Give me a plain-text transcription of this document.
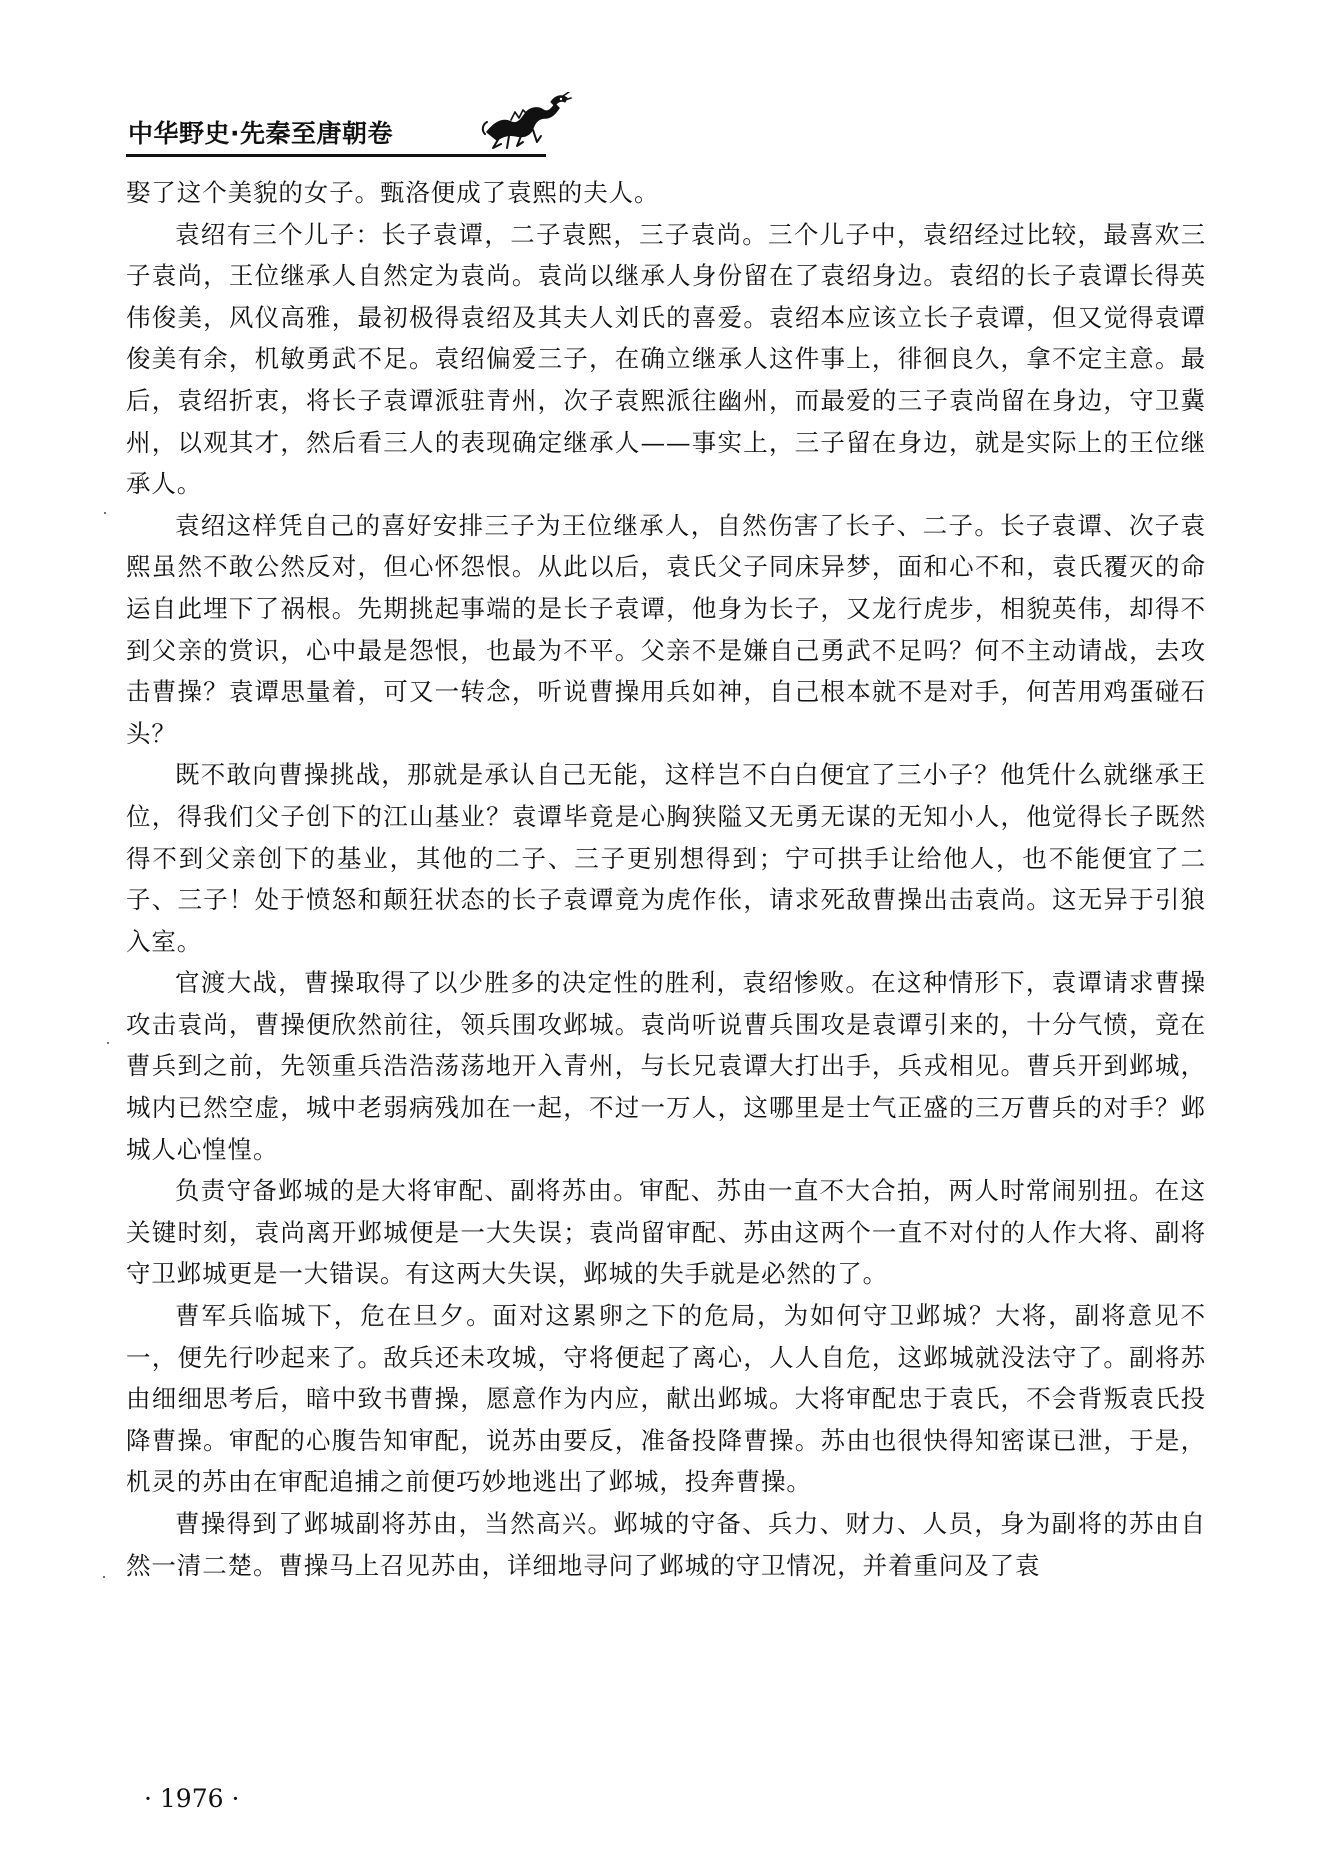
中华野史·先秦至唐朝卷

娶了这个美貌的女子。甄洛便成了袁熙的夫人。

袁绍有三个儿子：长子袁谭，二子袁熙，三子袁尚。三个儿子中，袁绍经过比较，最喜欢三子袁尚，王位继承人自然定为袁尚。袁尚以继承人身份留在了袁绍身边。袁绍的长子袁谭长得英伟俊美，风仪高雅，最初极得袁绍及其夫人刘氏的喜爱。袁绍本应该立长子袁谭，但又觉得袁谭俊美有余，机敏勇武不足。袁绍偏爱三子，在确立继承人这件事上，徘徊良久，拿不定主意。最后，袁绍折衷，将长子袁谭派驻青州，次子袁熙派往幽州，而最爱的三子袁尚留在身边，守卫冀州，以观其才，然后看三人的表现确定继承人——事实上，三子留在身边，就是实际上的王位继承人。

袁绍这样凭自己的喜好安排三子为王位继承人，自然伤害了长子、二子。长子袁谭、次子袁熙虽然不敢公然反对，但心怀怨恨。从此以后，袁氏父子同床异梦，面和心不和，袁氏覆灭的命运自此埋下了祸根。先期挑起事端的是长子袁谭，他身为长子，又龙行虎步，相貌英伟，却得不到父亲的赏识，心中最是怨恨，也最为不平。父亲不是嫌自己勇武不足吗？何不主动请战，去攻击曹操？袁谭思量着，可又一转念，听说曹操用兵如神，自己根本就不是对手，何苦用鸡蛋碰石头？

既不敢向曹操挑战，那就是承认自己无能，这样岂不白白便宜了三小子？他凭什么就继承王位，得我们父子创下的江山基业？袁谭毕竟是心胸狭隘又无勇无谋的无知小人，他觉得长子既然得不到父亲创下的基业，其他的二子、三子更别想得到；宁可拱手让给他人，也不能便宜了二子、三子！处于愤怒和颠狂状态的长子袁谭竟为虎作伥，请求死敌曹操出击袁尚。这无异于引狼入室。

官渡大战，曹操取得了以少胜多的决定性的胜利，袁绍惨败。在这种情形下，袁谭请求曹操攻击袁尚，曹操便欣然前往，领兵围攻邺城。袁尚听说曹兵围攻是袁谭引来的，十分气愤，竟在曹兵到之前，先领重兵浩浩荡荡地开入青州，与长兄袁谭大打出手，兵戎相见。曹兵开到邺城，城内已然空虚，城中老弱病残加在一起，不过一万人，这哪里是士气正盛的三万曹兵的对手？邺城人心惶惶。

负责守备邺城的是大将审配、副将苏由。审配、苏由一直不大合拍，两人时常闹别扭。在这关键时刻，袁尚离开邺城便是一大失误；袁尚留审配、苏由这两个一直不对付的人作大将、副将守卫邺城更是一大错误。有这两大失误，邺城的失手就是必然的了。

曹军兵临城下，危在旦夕。面对这累卵之下的危局，为如何守卫邺城？大将，副将意见不一，便先行吵起来了。敌兵还未攻城，守将便起了离心，人人自危，这邺城就没法守了。副将苏由细细思考后，暗中致书曹操，愿意作为内应，献出邺城。大将审配忠于袁氏，不会背叛袁氏投降曹操。审配的心腹告知审配，说苏由要反，准备投降曹操。苏由也很快得知密谋已泄，于是，机灵的苏由在审配追捕之前便巧妙地逃出了邺城，投奔曹操。

曹操得到了邺城副将苏由，当然高兴。邺城的守备、兵力、财力、人员，身为副将的苏由自然一清二楚。曹操马上召见苏由，详细地寻问了邺城的守卫情况，并着重问及了袁

· 1976 ·
